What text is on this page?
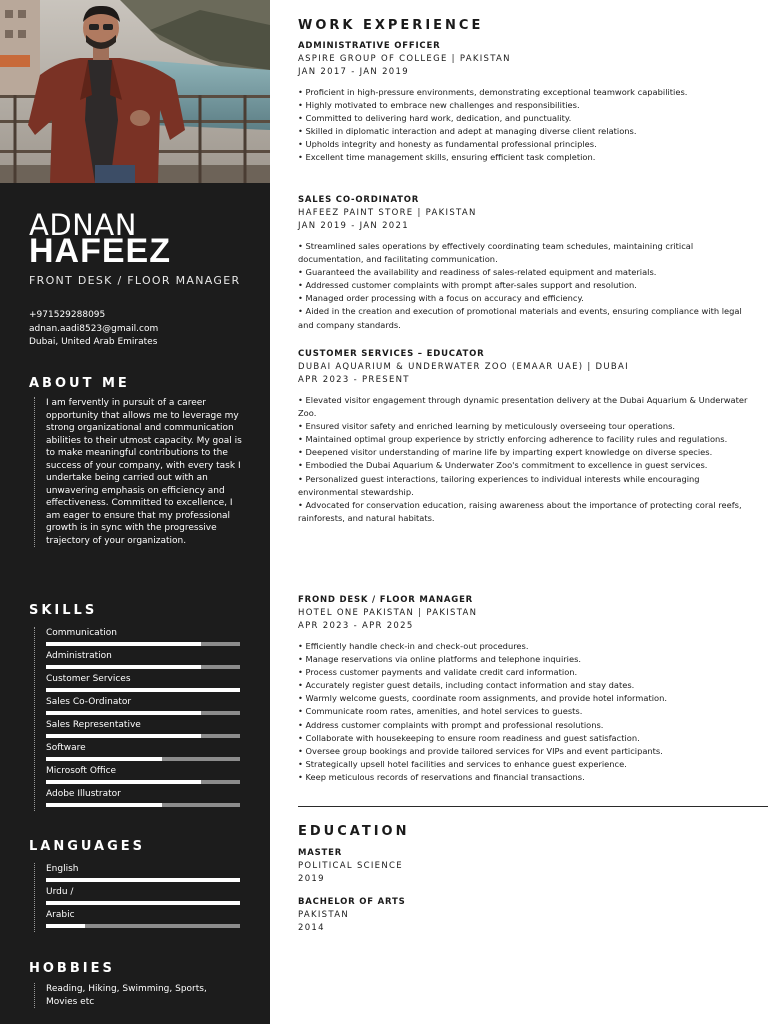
ADNAN
HAFEEZ
FRONT DESK / FLOOR MANAGER
+971529288095
adnan.aadi8523@gmail.com
Dubai, United Arab Emirates
ABOUT ME
I am fervently in pursuit of a career opportunity that allows me to leverage my strong organizational and communication abilities to their utmost capacity. My goal is to make meaningful contributions to the success of your company, with every task I undertake being carried out with an unwavering emphasis on efficiency and effectiveness. Committed to excellence, I am eager to ensure that my professional growth is in sync with the progressive trajectory of your organization.
SKILLS
Communication
Administration
Customer Services
Sales Co-Ordinator
Sales Representative
Software
Microsoft Office
Adobe Illustrator
LANGUAGES
English
Urdu /
Arabic
HOBBIES
Reading, Hiking, Swimming, Sports, Movies etc
WORK EXPERIENCE
ADMINISTRATIVE OFFICER
ASPIRE GROUP OF COLLEGE | PAKISTAN
JAN 2017 - JAN 2019
• Proficient in high-pressure environments, demonstrating exceptional teamwork capabilities.
• Highly motivated to embrace new challenges and responsibilities.
• Committed to delivering hard work, dedication, and punctuality.
• Skilled in diplomatic interaction and adept at managing diverse client relations.
• Upholds integrity and honesty as fundamental professional principles.
• Excellent time management skills, ensuring efficient task completion.
SALES CO-ORDINATOR
HAFEEZ PAINT STORE | PAKISTAN
JAN 2019 - JAN 2021
• Streamlined sales operations by effectively coordinating team schedules, maintaining critical documentation, and facilitating communication.
• Guaranteed the availability and readiness of sales-related equipment and materials.
• Addressed customer complaints with prompt after-sales support and resolution.
• Managed order processing with a focus on accuracy and efficiency.
• Aided in the creation and execution of promotional materials and events, ensuring compliance with legal and company standards.
CUSTOMER SERVICES – EDUCATOR
DUBAI AQUARIUM & UNDERWATER ZOO (EMAAR UAE) | DUBAI
APR 2023 - PRESENT
• Elevated visitor engagement through dynamic presentation delivery at the Dubai Aquarium & Underwater Zoo.
• Ensured visitor safety and enriched learning by meticulously overseeing tour operations.
• Maintained optimal group experience by strictly enforcing adherence to facility rules and regulations.
• Deepened visitor understanding of marine life by imparting expert knowledge on diverse species.
• Embodied the Dubai Aquarium & Underwater Zoo's commitment to excellence in guest services.
• Personalized guest interactions, tailoring experiences to individual interests while encouraging environmental stewardship.
• Advocated for conservation education, raising awareness about the importance of protecting coral reefs, rainforests, and natural habitats.
FROND DESK / FLOOR MANAGER
HOTEL ONE PAKISTAN | PAKISTAN
APR 2023 - APR 2025
• Efficiently handle check-in and check-out procedures.
• Manage reservations via online platforms and telephone inquiries.
• Process customer payments and validate credit card information.
• Accurately register guest details, including contact information and stay dates.
• Warmly welcome guests, coordinate room assignments, and provide hotel information.
• Communicate room rates, amenities, and hotel services to guests.
• Address customer complaints with prompt and professional resolutions.
• Collaborate with housekeeping to ensure room readiness and guest satisfaction.
• Oversee group bookings and provide tailored services for VIPs and event participants.
• Strategically upsell hotel facilities and services to enhance guest experience.
• Keep meticulous records of reservations and financial transactions.
EDUCATION
MASTER
POLITICAL SCIENCE
2019
BACHELOR OF ARTS
PAKISTAN
2014
